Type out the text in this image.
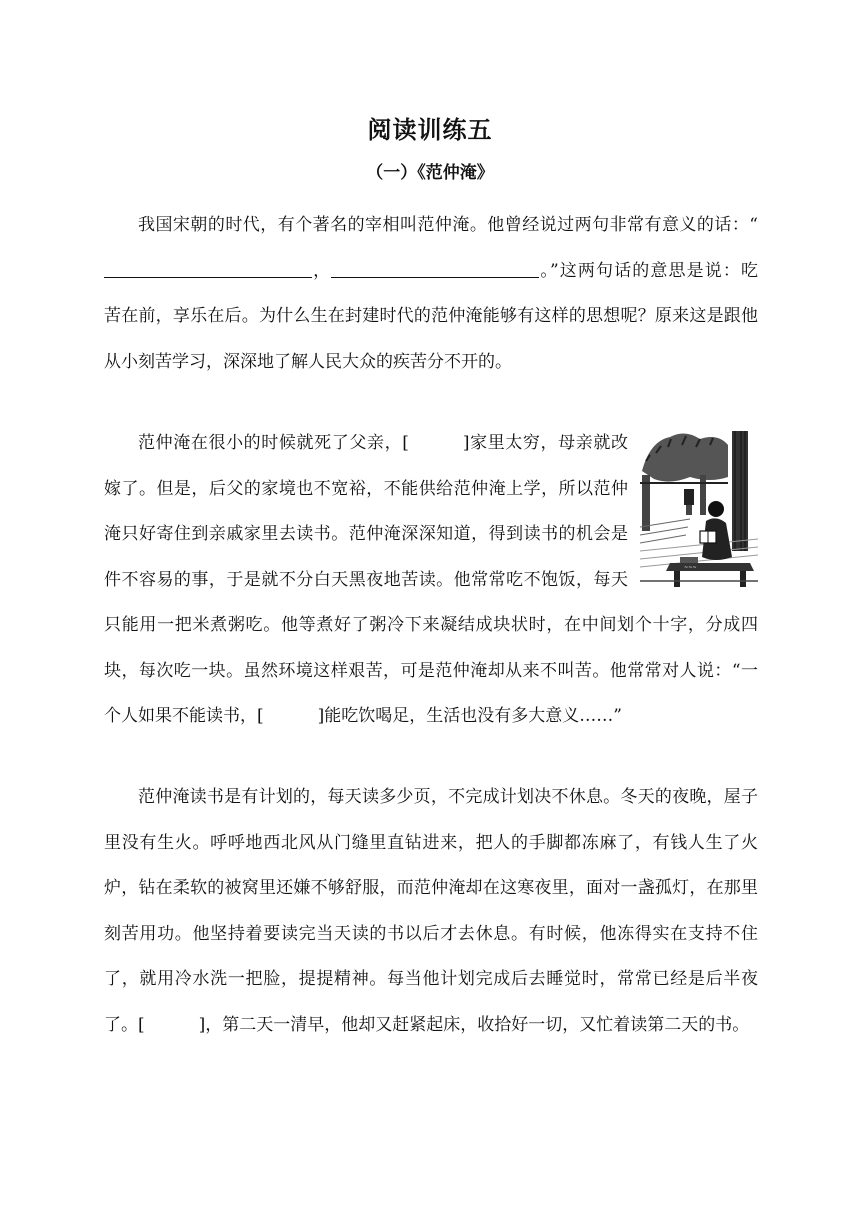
阅读训练五
（一）《范仲淹》

我国宋朝的时代，有个著名的宰相叫范仲淹。他曾经说过两句非常有意义的话：“，	。”这两句话的意思是说：吃苦在前，享乐在后。为什么生在封建时代的范仲淹能够有这样的思想呢？原来这是跟他从小刻苦学习，深深地了解人民大众的疾苦分不开的。

~~~

范仲淹在很小的时候就死了父亲，[	]家里太穷，母亲就改嫁了。但是，后父的家境也不宽裕，不能供给范仲淹上学，所以范仲淹只好寄住到亲戚家里去读书。范仲淹深深知道，得到读书的机会是件不容易的事，于是就不分白天黑夜地苦读。他常常吃不饱饭，每天只能用一把米煮粥吃。他等煮好了粥冷下来凝结成块状时，在中间划个十字，分成四块，每次吃一块。虽然环境这样艰苦，可是范仲淹却从来不叫苦。他常常对人说：“一个人如果不能读书，[	]能吃饮喝足，生活也没有多大意义……”

范仲淹读书是有计划的，每天读多少页，不完成计划决不休息。冬天的夜晚，屋子里没有生火。呼呼地西北风从门缝里直钻进来，把人的手脚都冻麻了，有钱人生了火炉，钻在柔软的被窝里还嫌不够舒服，而范仲淹却在这寒夜里，面对一盏孤灯，在那里刻苦用功。他坚持着要读完当天读的书以后才去休息。有时候，他冻得实在支持不住了，就用冷水洗一把脸，提提精神。每当他计划完成后去睡觉时，常常已经是后半夜了。[	]，第二天一清早，他却又赶紧起床，收拾好一切，又忙着读第二天的书。
